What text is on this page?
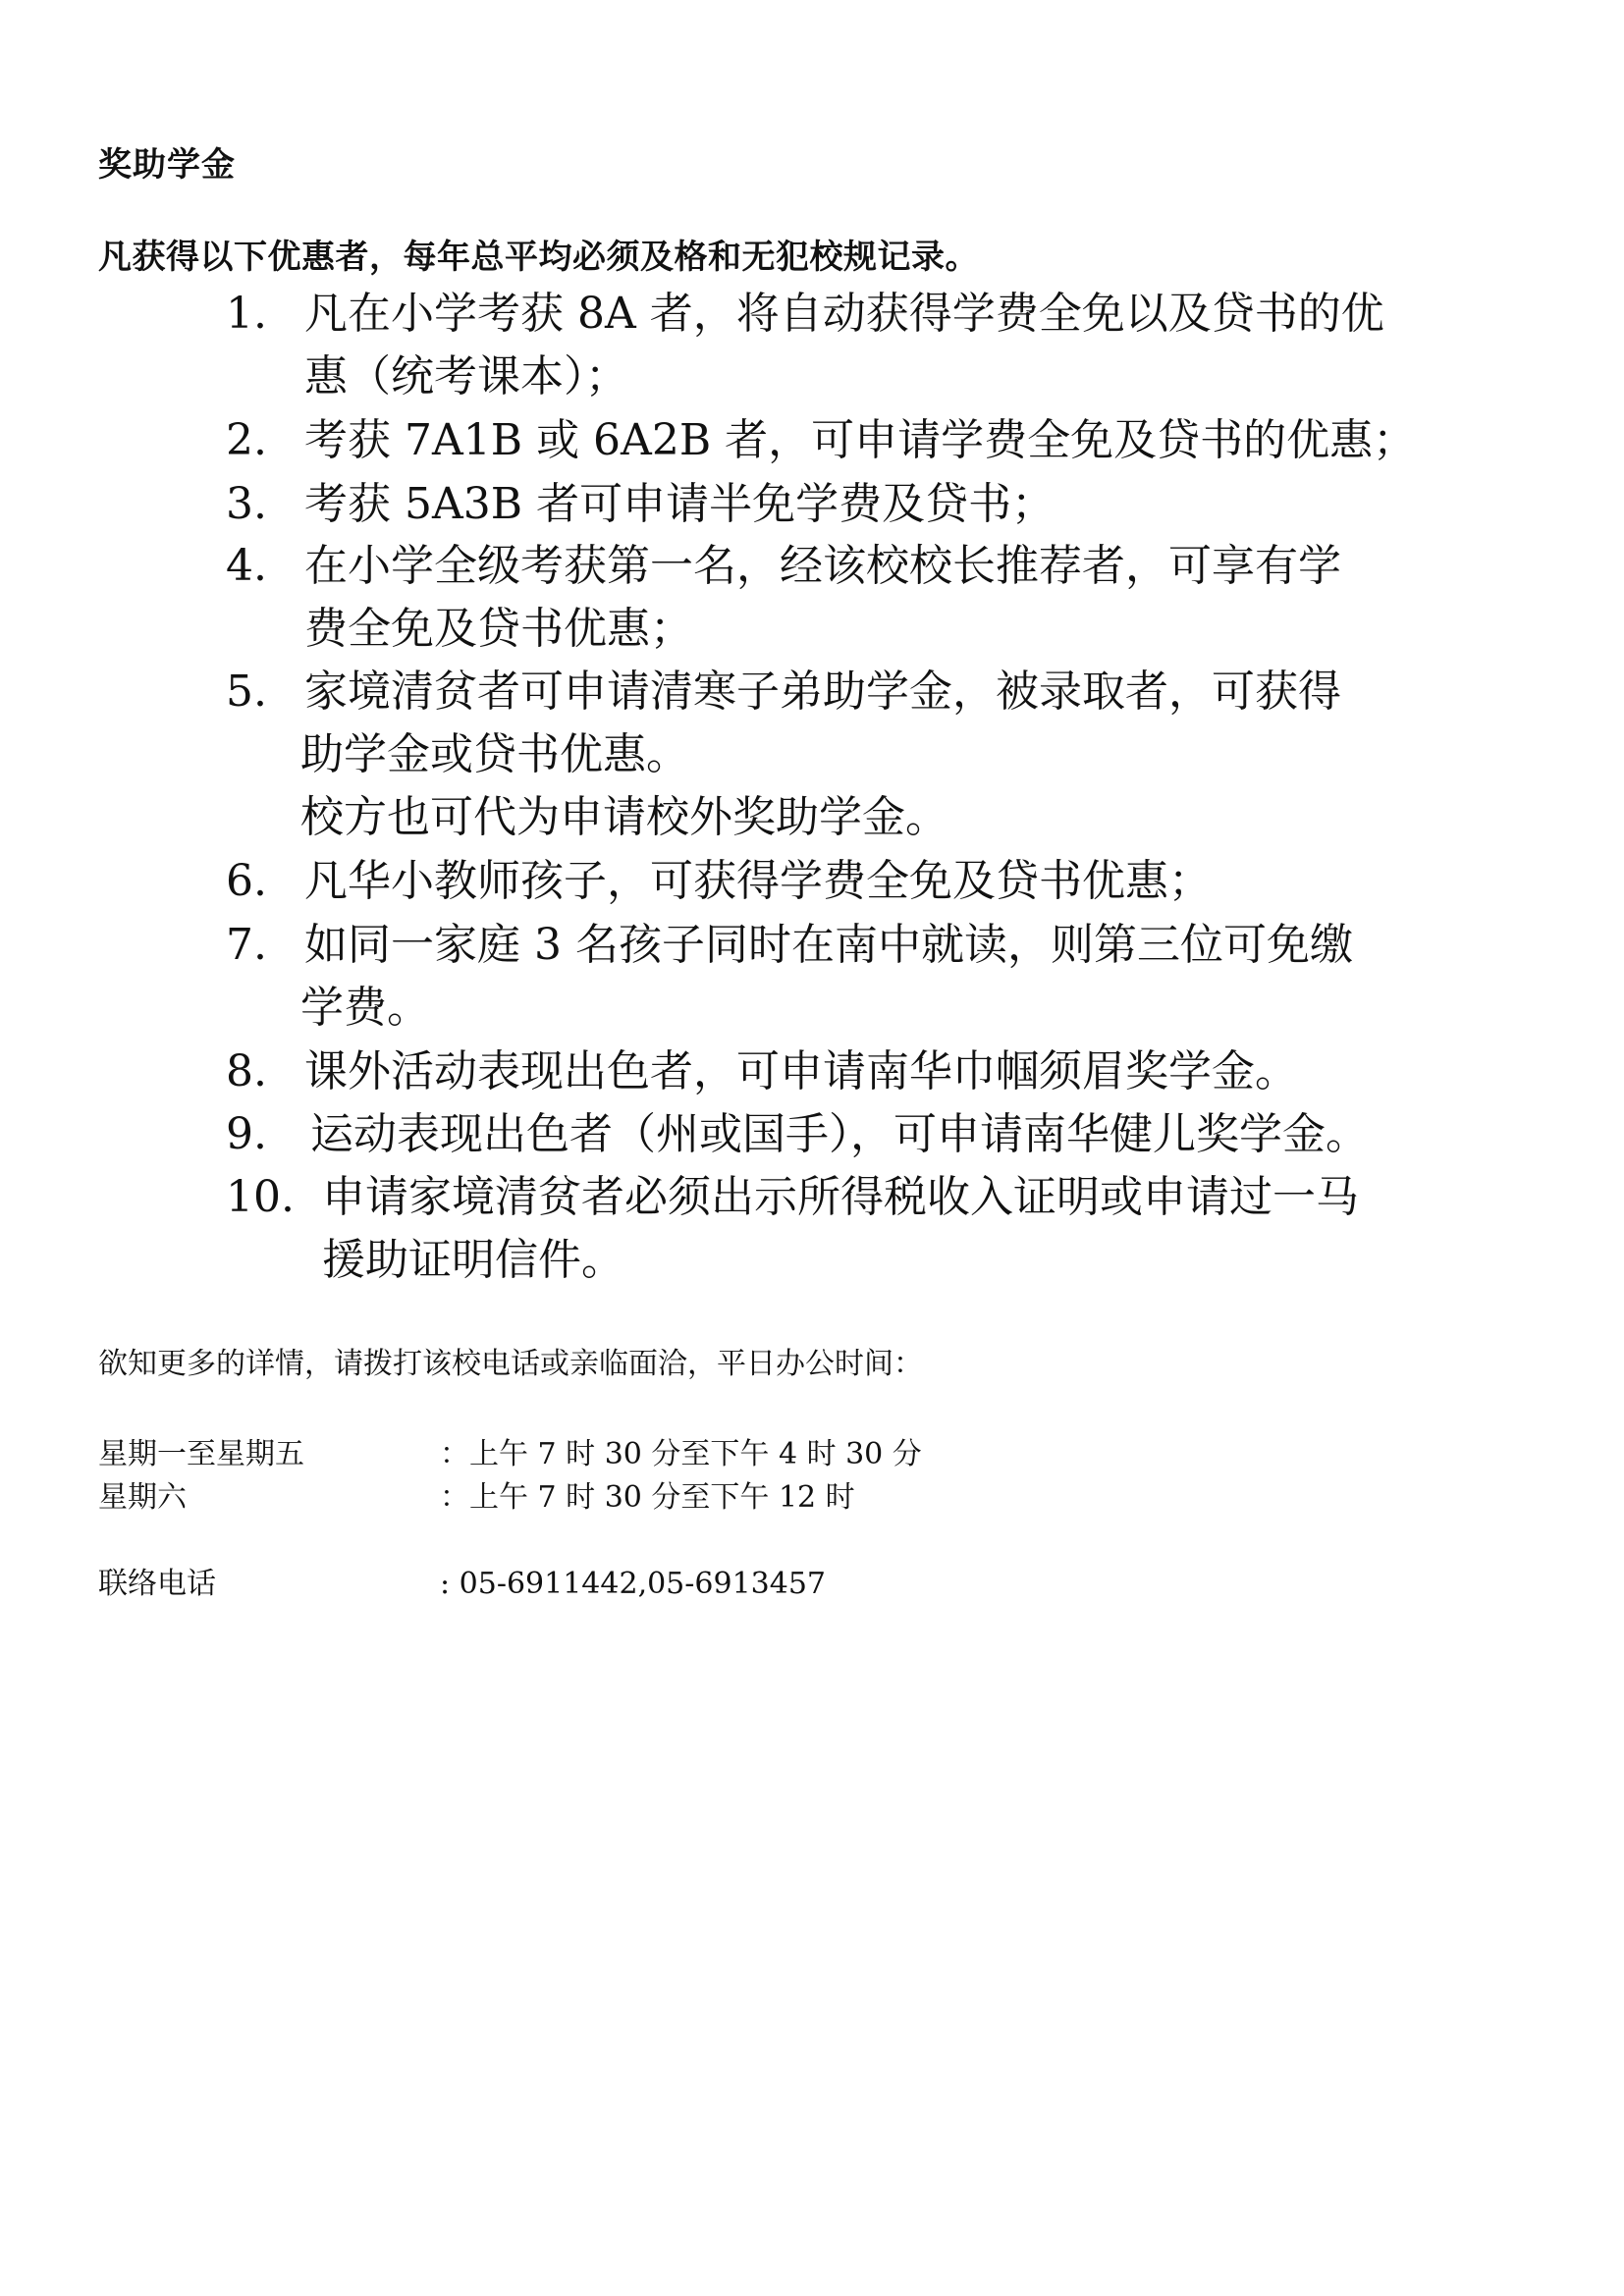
奖助学金
凡获得以下优惠者，每年总平均必须及格和无犯校规记录。
1. 凡在小学考获 8A 者，将自动获得学费全免以及贷书的优
惠（统考课本）；
2. 考获 7A1B 或 6A2B 者，可申请学费全免及贷书的优惠；
3. 考获 5A3B 者可申请半免学费及贷书；
4. 在小学全级考获第一名，经该校校长推荐者，可享有学
费全免及贷书优惠；
5. 家境清贫者可申请清寒子弟助学金，被录取者，可获得
助学金或贷书优惠。
校方也可代为申请校外奖助学金。
6. 凡华小教师孩子，可获得学费全免及贷书优惠；
7. 如同一家庭 3 名孩子同时在南中就读，则第三位可免缴
学费。
8. 课外活动表现出色者，可申请南华巾帼须眉奖学金。
9. 运动表现出色者（州或国手），可申请南华健儿奖学金。
10. 申请家境清贫者必须出示所得税收入证明或申请过一马
援助证明信件。
欲知更多的详情，请拨打该校电话或亲临面洽，平日办公时间：
星期一至星期五	：上午 7 时 30 分至下午 4 时 30 分
星期六	：上午 7 时 30 分至下午 12 时
联络电话	: 05-6911442,05-6913457
